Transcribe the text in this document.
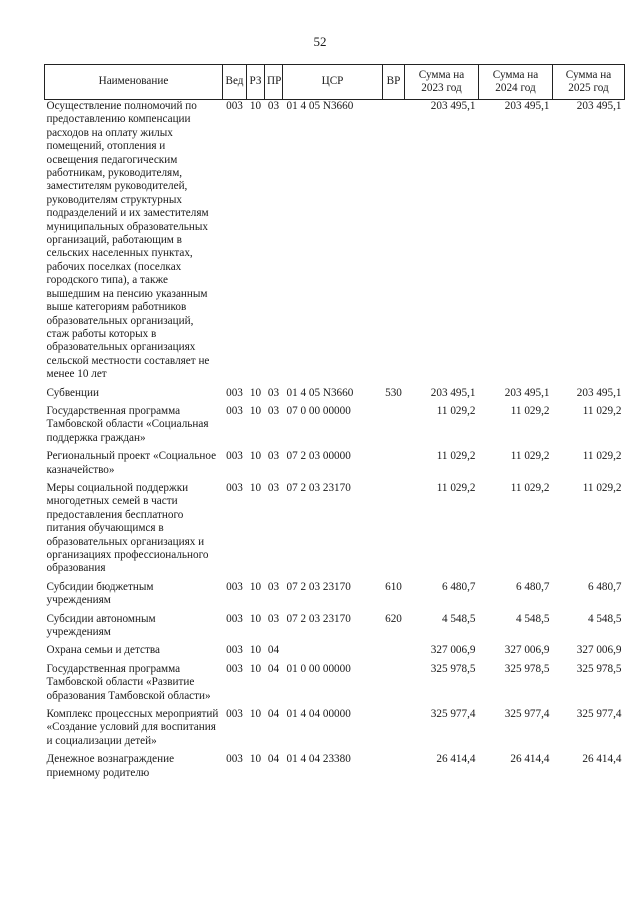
52
Наименование	Вед	РЗ	ПР	ЦСР	ВР	Сумма на 2023 год	Сумма на 2024 год	Сумма на 2025 год
Осуществление полномочий по предоставлению компенсации расходов на оплату жилых помещений, отопления и освещения педагогическим работникам, руководителям, заместителям руководителей, руководителям структурных подразделений и их заместителям муниципальных образовательных организаций, работающим в сельских населенных пунктах, рабочих поселках (поселках городского типа), а также вышедшим на пенсию указанным выше категориям работников образовательных организаций, стаж работы которых в образовательных организациях сельской местности составляет не менее 10 лет	003	10	03	01 4 05 N3660		203 495,1	203 495,1	203 495,1
Субвенции	003	10	03	01 4 05 N3660	530	203 495,1	203 495,1	203 495,1
Государственная программа Тамбовской области «Социальная поддержка граждан»	003	10	03	07 0 00 00000		11 029,2	11 029,2	11 029,2
Региональный проект «Социальное казначейство»	003	10	03	07 2 03 00000		11 029,2	11 029,2	11 029,2
Меры социальной поддержки многодетных семей в части предоставления бесплатного питания обучающимся в образовательных организациях и организациях профессионального образования	003	10	03	07 2 03 23170		11 029,2	11 029,2	11 029,2
Субсидии бюджетным учреждениям	003	10	03	07 2 03 23170	610	6 480,7	6 480,7	6 480,7
Субсидии автономным учреждениям	003	10	03	07 2 03 23170	620	4 548,5	4 548,5	4 548,5
Охрана семьи и детства	003	10	04			327 006,9	327 006,9	327 006,9
Государственная программа Тамбовской области «Развитие образования Тамбовской области»	003	10	04	01 0 00 00000		325 978,5	325 978,5	325 978,5
Комплекс процессных мероприятий «Создание условий для воспитания и социализации детей»	003	10	04	01 4 04 00000		325 977,4	325 977,4	325 977,4
Денежное вознаграждение приемному родителю	003	10	04	01 4 04 23380		26 414,4	26 414,4	26 414,4
